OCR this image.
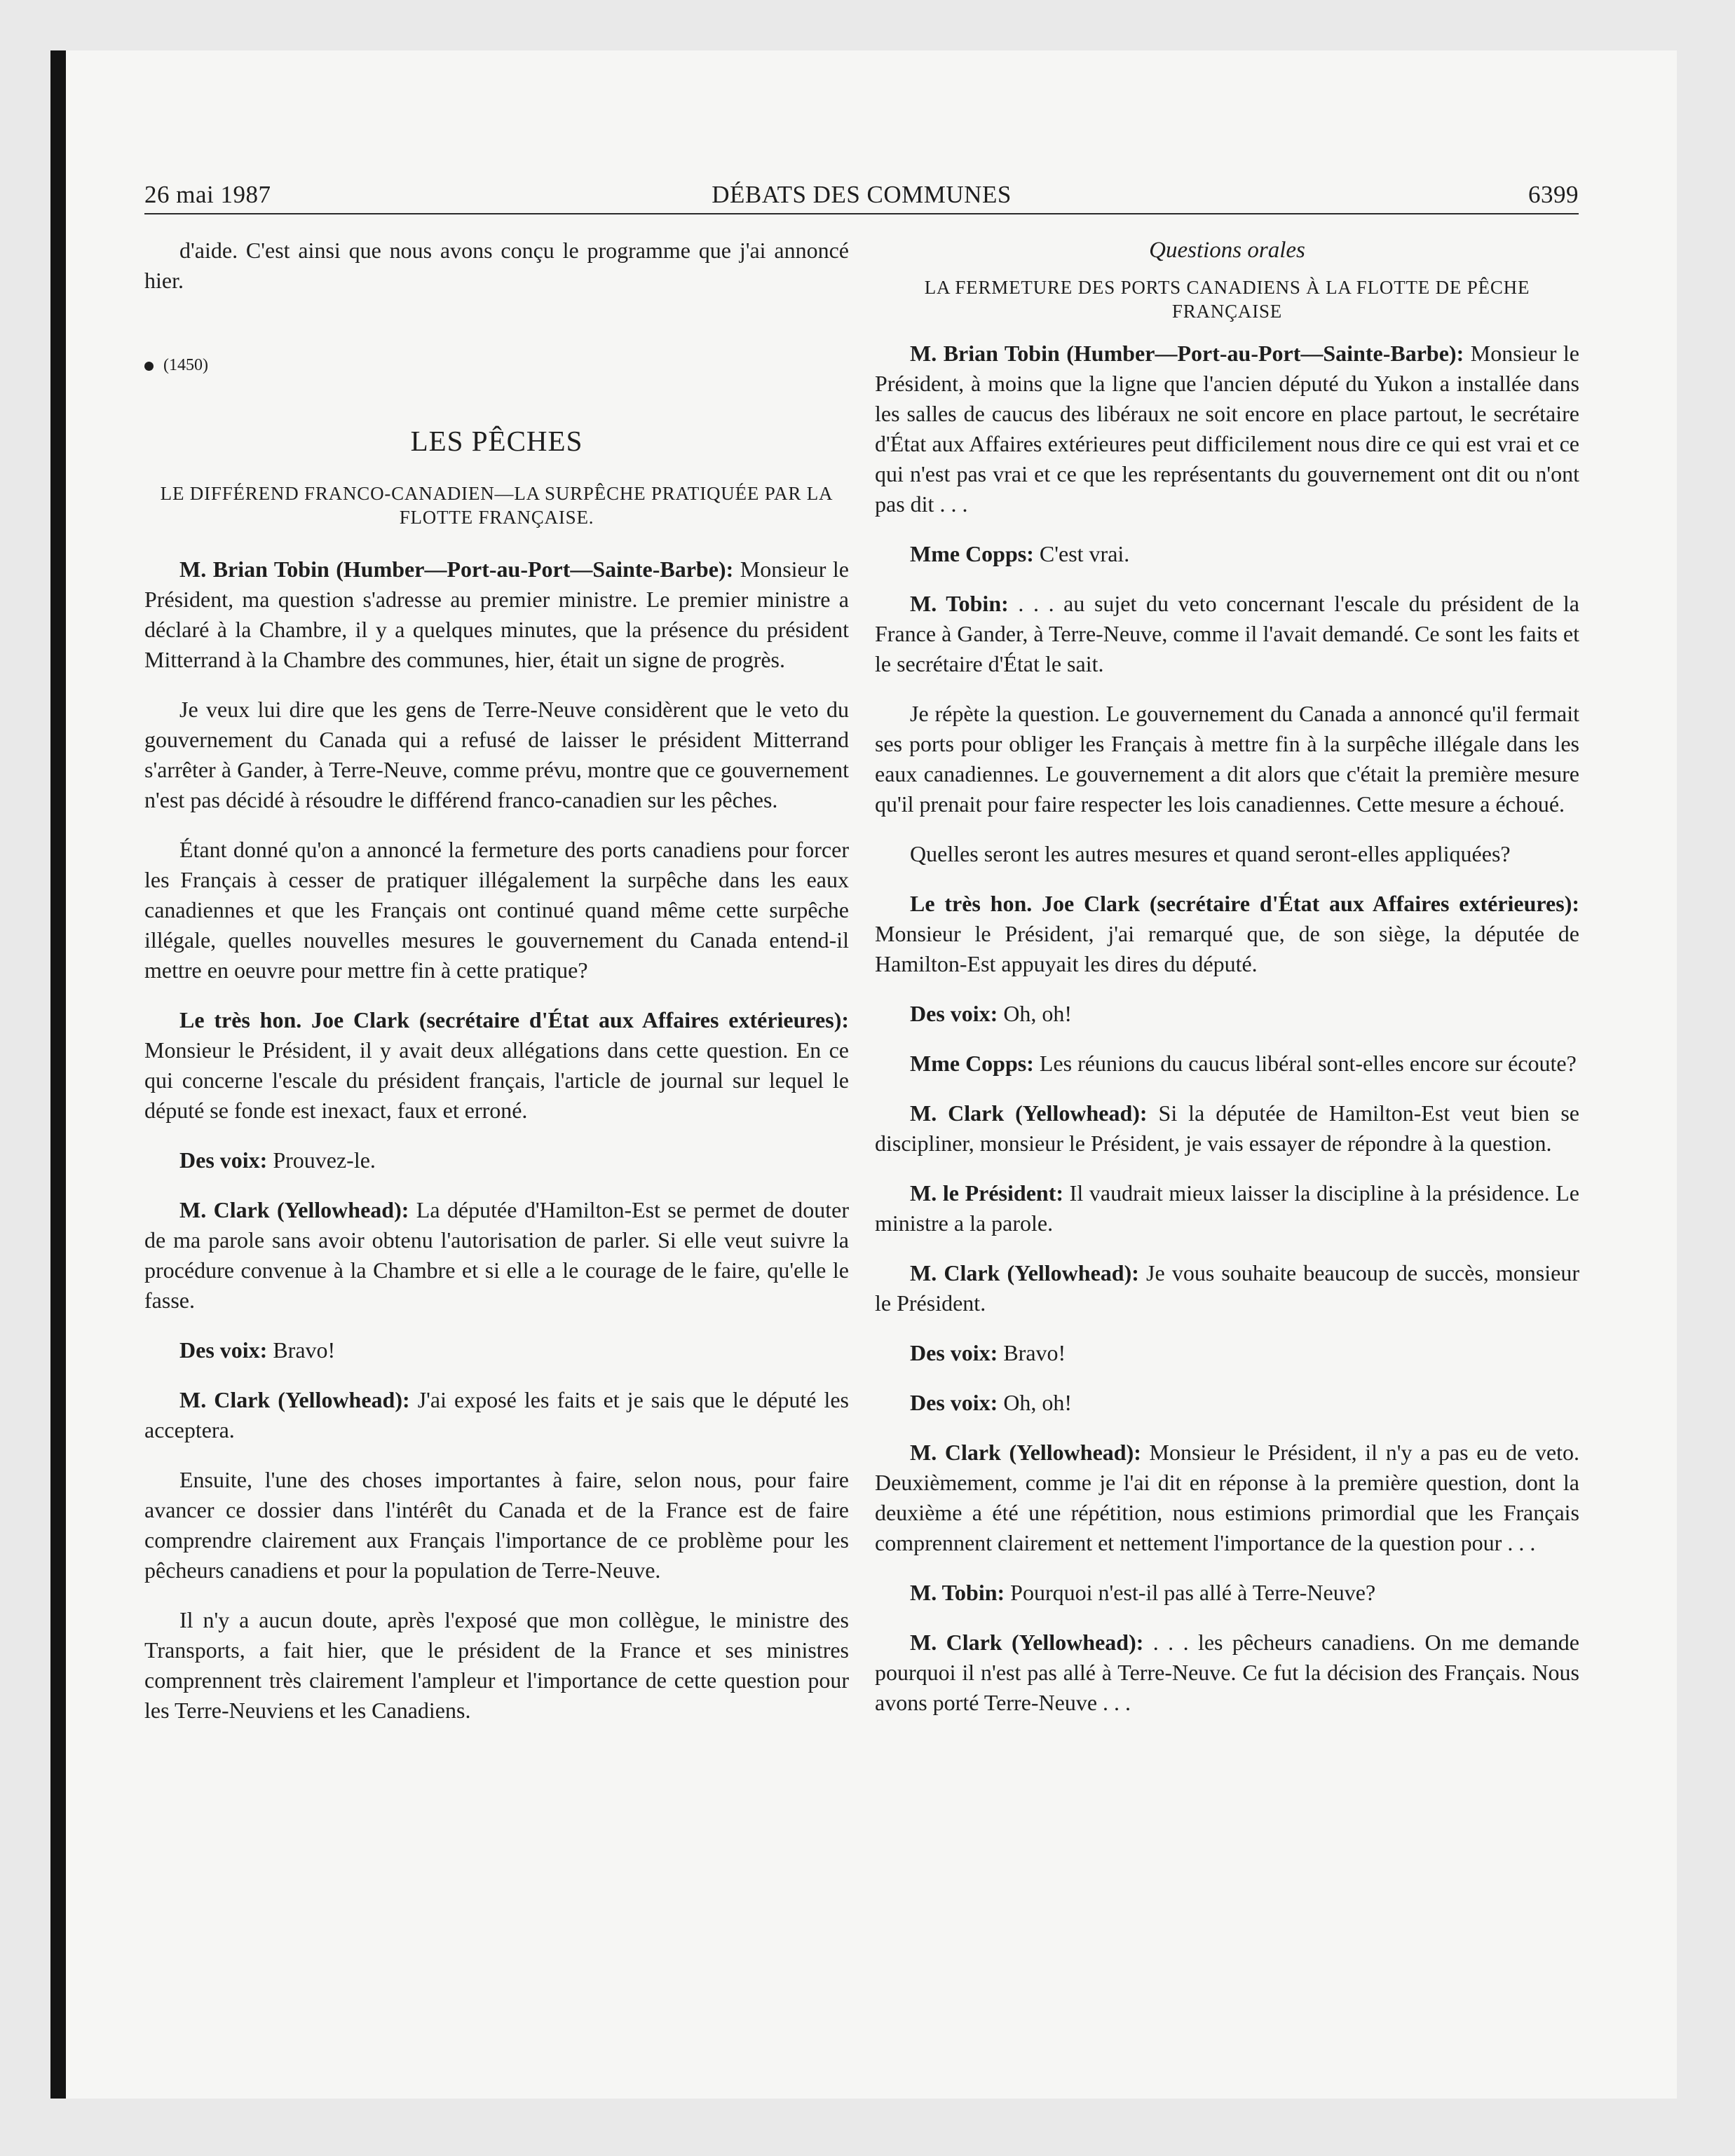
26 mai 1987	DÉBATS DES COMMUNES	6399

d'aide. C'est ainsi que nous avons conçu le programme que j'ai annoncé hier.

(1450)
LES PÊCHES
LE DIFFÉREND FRANCO-CANADIEN—LA SURPÊCHE PRATIQUÉE PAR LA FLOTTE FRANÇAISE.

M. Brian Tobin (Humber—Port-au-Port—Sainte-Barbe): Monsieur le Président, ma question s'adresse au premier ministre. Le premier ministre a déclaré à la Chambre, il y a quelques minutes, que la présence du président Mitterrand à la Chambre des communes, hier, était un signe de progrès.

Je veux lui dire que les gens de Terre-Neuve considèrent que le veto du gouvernement du Canada qui a refusé de laisser le président Mitterrand s'arrêter à Gander, à Terre-Neuve, comme prévu, montre que ce gouvernement n'est pas décidé à résoudre le différend franco-canadien sur les pêches.

Étant donné qu'on a annoncé la fermeture des ports canadiens pour forcer les Français à cesser de pratiquer illégalement la surpêche dans les eaux canadiennes et que les Français ont continué quand même cette surpêche illégale, quelles nouvelles mesures le gouvernement du Canada entend-il mettre en oeuvre pour mettre fin à cette pratique?

Le très hon. Joe Clark (secrétaire d'État aux Affaires extérieures): Monsieur le Président, il y avait deux allégations dans cette question. En ce qui concerne l'escale du président français, l'article de journal sur lequel le député se fonde est inexact, faux et erroné.

Des voix: Prouvez-le.

M. Clark (Yellowhead): La députée d'Hamilton-Est se permet de douter de ma parole sans avoir obtenu l'autorisation de parler. Si elle veut suivre la procédure convenue à la Chambre et si elle a le courage de le faire, qu'elle le fasse.

Des voix: Bravo!

M. Clark (Yellowhead): J'ai exposé les faits et je sais que le député les acceptera.

Ensuite, l'une des choses importantes à faire, selon nous, pour faire avancer ce dossier dans l'intérêt du Canada et de la France est de faire comprendre clairement aux Français l'importance de ce problème pour les pêcheurs canadiens et pour la population de Terre-Neuve.

Il n'y a aucun doute, après l'exposé que mon collègue, le ministre des Transports, a fait hier, que le président de la France et ses ministres comprennent très clairement l'ampleur et l'importance de cette question pour les Terre-Neuviens et les Canadiens.

Questions orales
LA FERMETURE DES PORTS CANADIENS À LA FLOTTE DE PÊCHE FRANÇAISE

M. Brian Tobin (Humber—Port-au-Port—Sainte-Barbe): Monsieur le Président, à moins que la ligne que l'ancien député du Yukon a installée dans les salles de caucus des libéraux ne soit encore en place partout, le secrétaire d'État aux Affaires extérieures peut difficilement nous dire ce qui est vrai et ce qui n'est pas vrai et ce que les représentants du gouvernement ont dit ou n'ont pas dit . . .

Mme Copps: C'est vrai.

M. Tobin: . . . au sujet du veto concernant l'escale du président de la France à Gander, à Terre-Neuve, comme il l'avait demandé. Ce sont les faits et le secrétaire d'État le sait.

Je répète la question. Le gouvernement du Canada a annoncé qu'il fermait ses ports pour obliger les Français à mettre fin à la surpêche illégale dans les eaux canadiennes. Le gouvernement a dit alors que c'était la première mesure qu'il prenait pour faire respecter les lois canadiennes. Cette mesure a échoué.

Quelles seront les autres mesures et quand seront-elles appliquées?

Le très hon. Joe Clark (secrétaire d'État aux Affaires extérieures): Monsieur le Président, j'ai remarqué que, de son siège, la députée de Hamilton-Est appuyait les dires du député.

Des voix: Oh, oh!

Mme Copps: Les réunions du caucus libéral sont-elles encore sur écoute?

M. Clark (Yellowhead): Si la députée de Hamilton-Est veut bien se discipliner, monsieur le Président, je vais essayer de répondre à la question.

M. le Président: Il vaudrait mieux laisser la discipline à la présidence. Le ministre a la parole.

M. Clark (Yellowhead): Je vous souhaite beaucoup de succès, monsieur le Président.

Des voix: Bravo!

Des voix: Oh, oh!

M. Clark (Yellowhead): Monsieur le Président, il n'y a pas eu de veto. Deuxièmement, comme je l'ai dit en réponse à la première question, dont la deuxième a été une répétition, nous estimions primordial que les Français comprennent clairement et nettement l'importance de la question pour . . .

M. Tobin: Pourquoi n'est-il pas allé à Terre-Neuve?

M. Clark (Yellowhead): . . . les pêcheurs canadiens. On me demande pourquoi il n'est pas allé à Terre-Neuve. Ce fut la décision des Français. Nous avons porté Terre-Neuve . . .
